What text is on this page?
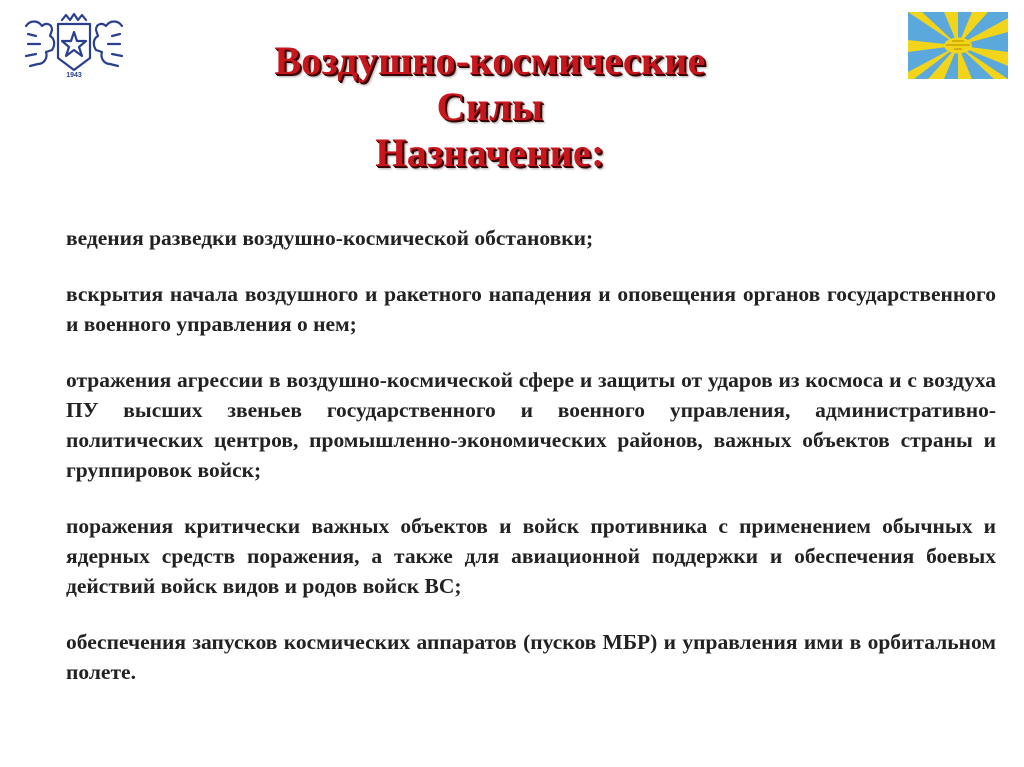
1943	Воздушно-космические
Силы
Назначение:

ведения разведки воздушно-космической обстановки;

вскрытия начала воздушного и ракетного нападения и оповещения органов государственного и военного управления о нем;

отражения агрессии в воздушно-космической сфере и защиты от ударов из космоса и с воздуха ПУ высших звеньев государственного и военного управления, административно-политических центров, промышленно-экономических районов, важных объектов страны и группировок войск;

поражения критически важных объектов и войск противника с применением обычных и ядерных средств поражения, а также для авиационной поддержки и обеспечения боевых действий войск видов и родов войск ВС;

обеспечения запусков космических аппаратов (пусков МБР) и управления ими в орбитальном полете.
